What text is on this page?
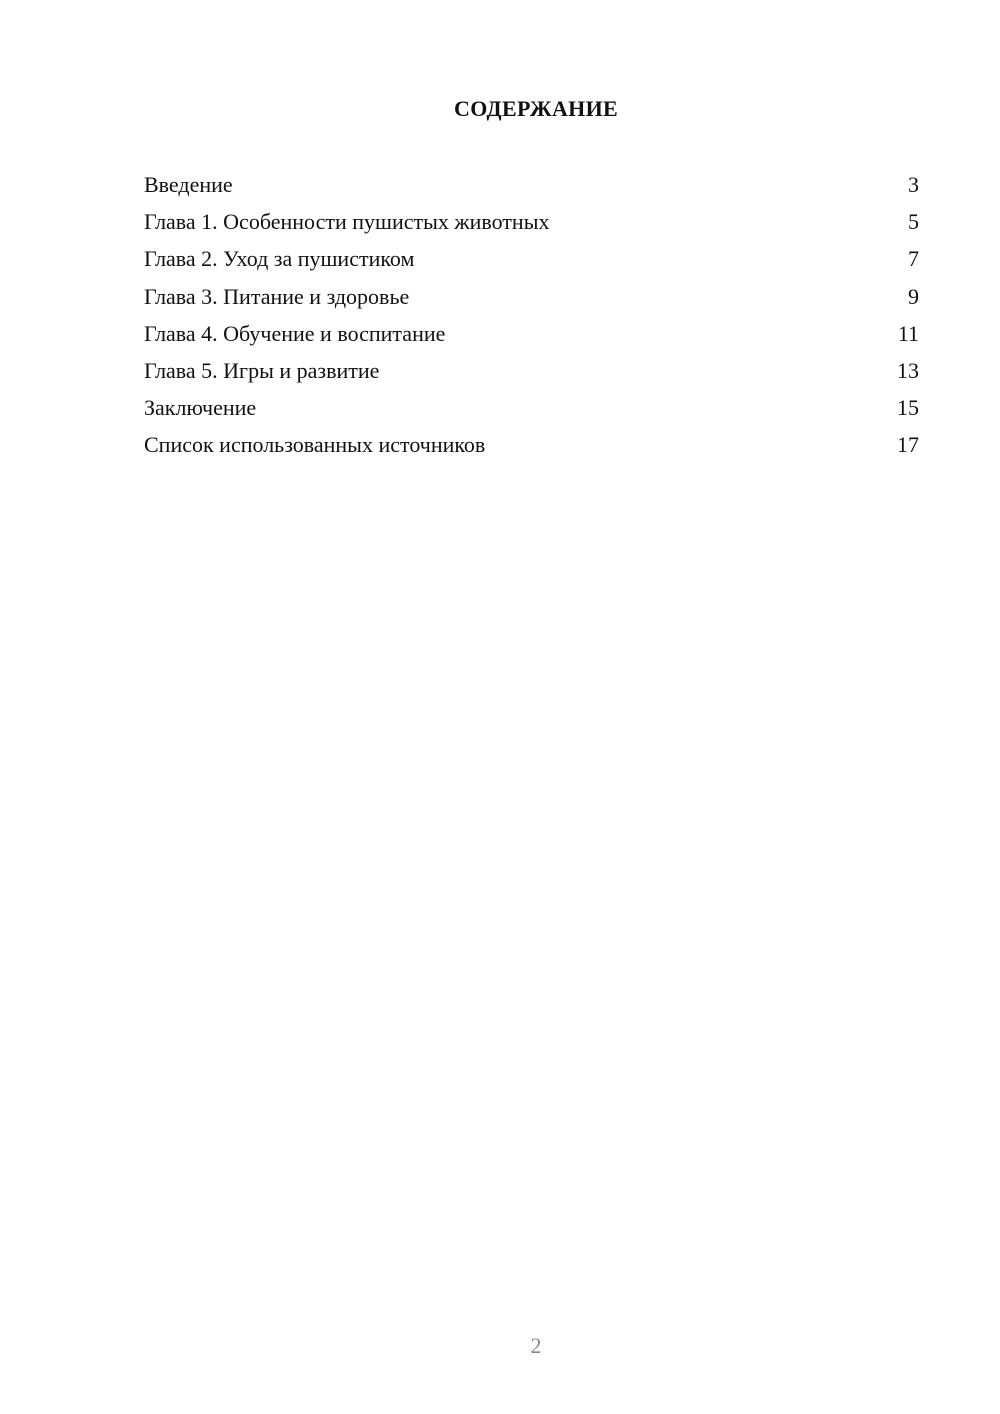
СОДЕРЖАНИЕ
Введение	3
Глава 1. Особенности пушистых животных	5
Глава 2. Уход за пушистиком	7
Глава 3. Питание и здоровье	9
Глава 4. Обучение и воспитание	11
Глава 5. Игры и развитие	13
Заключение	15
Список использованных источников	17
2
